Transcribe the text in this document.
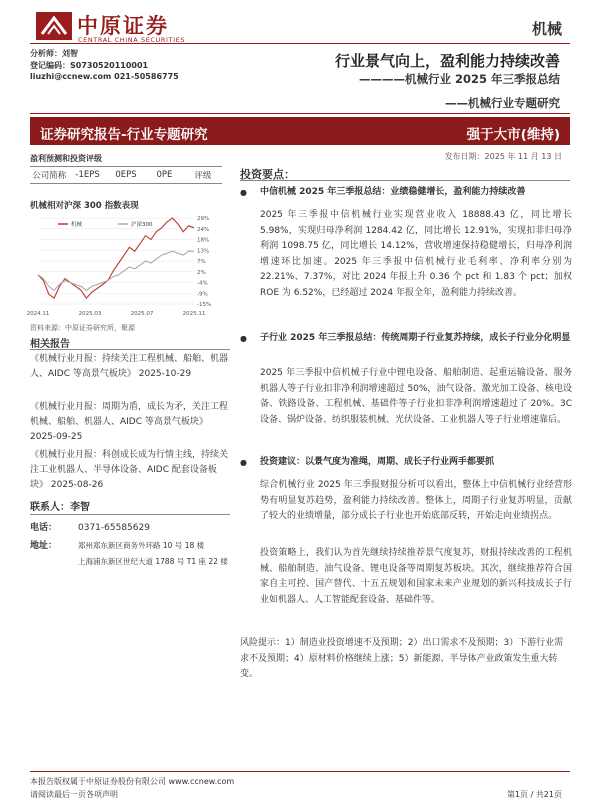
中原证券
CENTRAL CHINA SECURITIES
机械
分析师：刘智
登记编码：S0730520110001
liuzhi@ccnew.com 021-50586775
行业景气向上，盈利能力持续改善
————机械行业 2025 年三季报总结
——机械行业专题研究
证券研究报告-行业专题研究	强于大市(维持)
发布日期：2025 年 11 月 13 日
盈利预测和投资评级
公司简称	-1EPS	0EPS	0PE	评级
机械相对沪深 300 指数表现
29%
24%
18%
13%
7%
2%
-4%
-9%
-15%
2024.11	2025.03	2025.07	2025.11
机械	沪深300
资料来源：中原证券研究所，聚源
相关报告
《机械行业月报：持续关注工程机械、船舶、机器人、AIDC 等高景气板块》 2025-10-29
《机械行业月报：周期为盾，成长为矛，关注工程机械、船舶、机器人、AIDC 等高景气板块》 2025-09-25
《机械行业月报：科创成长成为行情主线，持续关注工业机器人、半导体设备、AIDC 配套设备板块》 2025-08-26
联系人：李智
电话： 0371-65585629
地址：	郑州郑东新区商务外环路 10 号 18 楼
上海浦东新区世纪大道 1788 号 T1 座 22 楼
投资要点：
● 中信机械 2025 年三季报总结：业绩稳健增长，盈利能力持续改善
2025 年三季报中信机械行业实现营业收入 18888.43 亿，同比增长 5.98%，实现归母净利润 1284.42 亿，同比增长 12.91%，实现扣非归母净利润 1098.75 亿，同比增长 14.12%，营收增速保持稳健增长，归母净利润增速环比加速。2025 年三季报中信机械行业毛利率、净利率分别为 22.21%、7.37%，对比 2024 年报上升 0.36 个 pct 和 1.83 个 pct；加权 ROE 为 6.52%，已经超过 2024 年报全年，盈利能力持续改善。
● 子行业 2025 年三季报总结：传统周期子行业复苏持续，成长子行业分化明显
2025 年三季报中信机械子行业中锂电设备、船舶制造、起重运输设备、服务机器人等子行业扣非净利润增速超过 50%，油气设备、激光加工设备、核电设备、铁路设备、工程机械、基础件等子行业扣非净利润增速超过了 20%。3C 设备、锅炉设备、纺织服装机械、光伏设备、工业机器人等子行业增速靠后。
● 投资建议：以景气度为准绳，周期、成长子行业两手都要抓
综合机械行业 2025 年三季报财报分析可以看出，整体上中信机械行业经营形势有明显复苏趋势，盈利能力持续改善。整体上，周期子行业复苏明显，贡献了较大的业绩增量，部分成长子行业也开始底部反转，开始走向业绩拐点。
投资策略上，我们认为首先继续持续推荐景气度复苏，财报持续改善的工程机械、船舶制造、油气设备、锂电设备等周期复苏板块。其次，继续推荐符合国家自主可控、国产替代、十五五规划和国家未来产业规划的新兴科技成长子行业如机器人、人工智能配套设备、基础件等。
风险提示：1）制造业投资增速不及预期；2）出口需求不及预期；3）下游行业需求不及预期；4）原材料价格继续上涨；5）新能源、半导体产业政策发生重大转变。
本报告版权属于中原证券股份有限公司 www.ccnew.com
请阅读最后一页各项声明	第1页 / 共21页
